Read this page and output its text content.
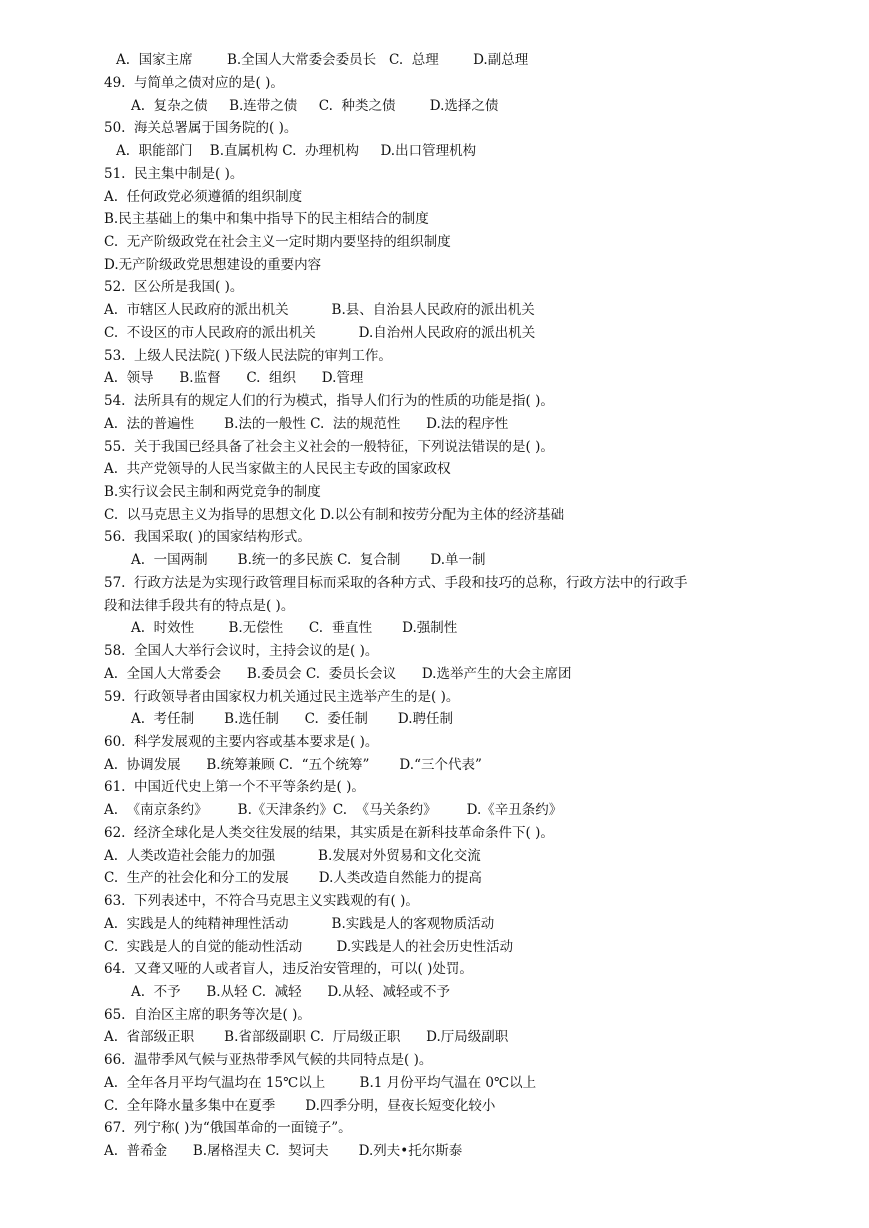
A.  国家主席        B.全国人大常委会委员长   C.  总理        D.副总理
49.  与简单之债对应的是( )。
A.  复杂之债     B.连带之债     C.  种类之债        D.选择之债
50.  海关总署属于国务院的( )。
A.  职能部门    B.直属机构 C.  办理机构     D.出口管理机构
51.  民主集中制是( )。
A.  任何政党必须遵循的组织制度
B.民主基础上的集中和集中指导下的民主相结合的制度
C.  无产阶级政党在社会主义一定时期内要坚持的组织制度
D.无产阶级政党思想建设的重要内容
52.  区公所是我国( )。
A.  市辖区人民政府的派出机关          B.县、自治县人民政府的派出机关
C.  不设区的市人民政府的派出机关          D.自治州人民政府的派出机关
53.  上级人民法院( )下级人民法院的审判工作。
A.  领导      B.监督      C.  组织      D.管理
54.  法所具有的规定人们的行为模式，指导人们行为的性质的功能是指( )。
A.  法的普遍性       B.法的一般性 C.  法的规范性      D.法的程序性
55.  关于我国已经具备了社会主义社会的一般特征，下列说法错误的是( )。
A.  共产党领导的人民当家做主的人民民主专政的国家政权
B.实行议会民主制和两党竞争的制度
C.  以马克思主义为指导的思想文化 D.以公有制和按劳分配为主体的经济基础
56.  我国采取( )的国家结构形式。
A.  一国两制       B.统一的多民族 C.  复合制       D.单一制
57.  行政方法是为实现行政管理目标而采取的各种方式、手段和技巧的总称，行政方法中的行政手
段和法律手段共有的特点是( )。
A.  时效性        B.无偿性      C.  垂直性       D.强制性
58.  全国人大举行会议时，主持会议的是( )。
A.  全国人大常委会      B.委员会 C.  委员长会议      D.选举产生的大会主席团
59.  行政领导者由国家权力机关通过民主选举产生的是( )。
A.  考任制       B.选任制      C.  委任制       D.聘任制
60.  科学发展观的主要内容或基本要求是( )。
A.  协调发展      B.统筹兼顾 C.  “五个统筹”       D.“三个代表”
61.  中国近代史上第一个不平等条约是( )。
A.  《南京条约》       B.《天津条约》C.  《马关条约》       D.《辛丑条约》
62.  经济全球化是人类交往发展的结果，其实质是在新科技革命条件下( )。
A.  人类改造社会能力的加强          B.发展对外贸易和文化交流
C.  生产的社会化和分工的发展       D.人类改造自然能力的提高
63.  下列表述中，不符合马克思主义实践观的有( )。
A.  实践是人的纯精神理性活动          B.实践是人的客观物质活动
C.  实践是人的自觉的能动性活动        D.实践是人的社会历史性活动
64.  又聋又哑的人或者盲人，违反治安管理的，可以( )处罚。
A.  不予      B.从轻 C.  减轻      D.从轻、减轻或不予
65.  自治区主席的职务等次是( )。
A.  省部级正职       B.省部级副职 C.  厅局级正职      D.厅局级副职
66.  温带季风气候与亚热带季风气候的共同特点是( )。
A.  全年各月平均气温均在 15℃以上        B.1 月份平均气温在 0℃以上
C.  全年降水量多集中在夏季       D.四季分明，昼夜长短变化较小
67.  列宁称( )为“俄国革命的一面镜子”。
A.  普希金      B.屠格涅夫 C.  契诃夫       D.列夫•托尔斯泰
